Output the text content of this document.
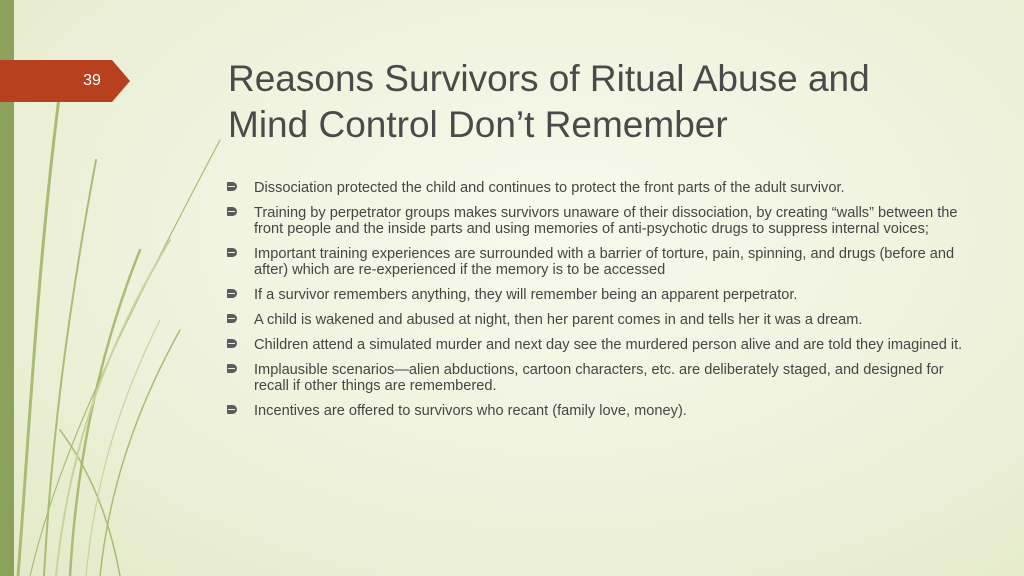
39	Reasons Survivors of Ritual Abuse and
Mind Control Don’t Remember
Dissociation protected the child and continues to protect the front parts of the adult survivor.
Training by perpetrator groups makes survivors unaware of their dissociation, by creating “walls” between the front people and the inside parts and using memories of anti-psychotic drugs to suppress internal voices;
Important training experiences are surrounded with a barrier of torture, pain, spinning, and drugs (before and after) which are re-experienced if the memory is to be accessed
If a survivor remembers anything, they will remember being an apparent perpetrator.
A child is wakened and abused at night, then her parent comes in and tells her it was a dream.
Children attend a simulated murder and next day see the murdered person alive and are told they imagined it.
Implausible scenarios—alien abductions, cartoon characters, etc. are deliberately staged, and designed for recall if other things are remembered.
Incentives are offered to survivors who recant (family love, money).
